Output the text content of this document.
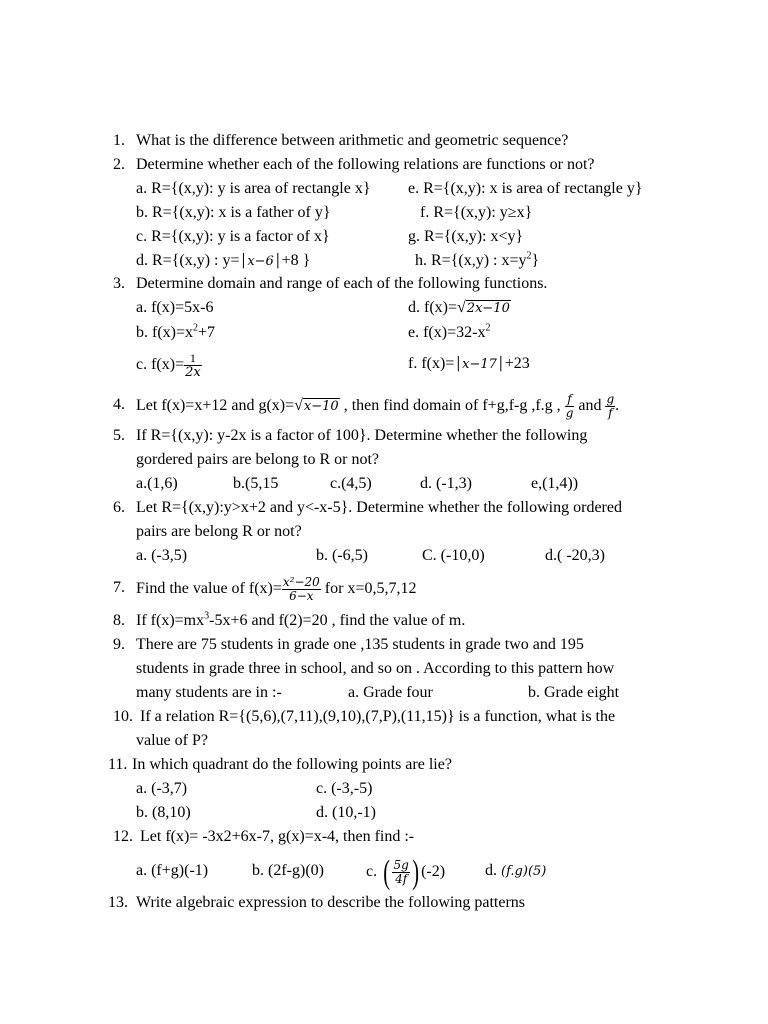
1. What is the difference between arithmetic and geometric sequence?
2. Determine whether each of the following relations are functions or not?
a. R={(x,y): y is area of rectangle x} e. R={(x,y): x is area of rectangle y}
b. R={(x,y): x is a father of y}	f. R={(x,y): y≥x}
c. R={(x,y): y is a factor of x}	g. R={(x,y): x<y}
d. R={(x,y) : y=│x−6│+8 }	h. R={(x,y) : $x=y^2$}
3. Determine domain and range of each of the following functions.
a. f(x)=5x-6	d. f(x)=√2x−10
b. $f(x)=x^2+7$	e. $f(x)=32-x^2$
c. $f(x)= \frac{1}{2x}$	f. f(x)=│x−17│+23
4. Let f(x)=x+12 and g(x)=√x−10 , then find domain of f+g,f-g ,f.g , $\frac{f}{g}$ and $\frac{g}{f}$ .
5. If R={(x,y): y-2x is a factor of 100}. Determine whether the following
gordered pairs are belong to R or not?
a.(1,6)	b.(5,15	c.(4,5)	d. (-1,3)	e,(1,4))
6. Let R={(x,y):y>x+2 and y<-x-5}. Determine whether the following ordered
pairs are belong R or not?
a. (-3,5)	b. (-6,5)	C. (-10,0)	d.( -20,3)
7. Find the value of $f(x)= \frac{\text{x²−20}}{6-x}$ for x=0,5,7,12
8. If $f(x)=mx^3-5x+6$ and f(2)=20 , find the value of m.
9. There are 75 students in grade one ,135 students in grade two and 195
students in grade three in school, and so on . According to this pattern how
many students are in :-	a. Grade four	b. Grade eight
10. If a relation R={(5,6),(7,11),(9,10),(7,P),(11,15)} is a function, what is the
value of P?
11. In which quadrant do the following points are lie?
a. (-3,7)	c. (-3,-5)
b. (8,10)	d. (10,-1)
12. Let f(x)= -3x2+6x-7, g(x)=x-4, then find :-
a. (f+g)(-1)	b. (2f-g)(0)	c. ( $\frac{5g}{4f}$ ) (-2) d. (f.g)(5)
13. Write algebraic expression to describe the following patterns
